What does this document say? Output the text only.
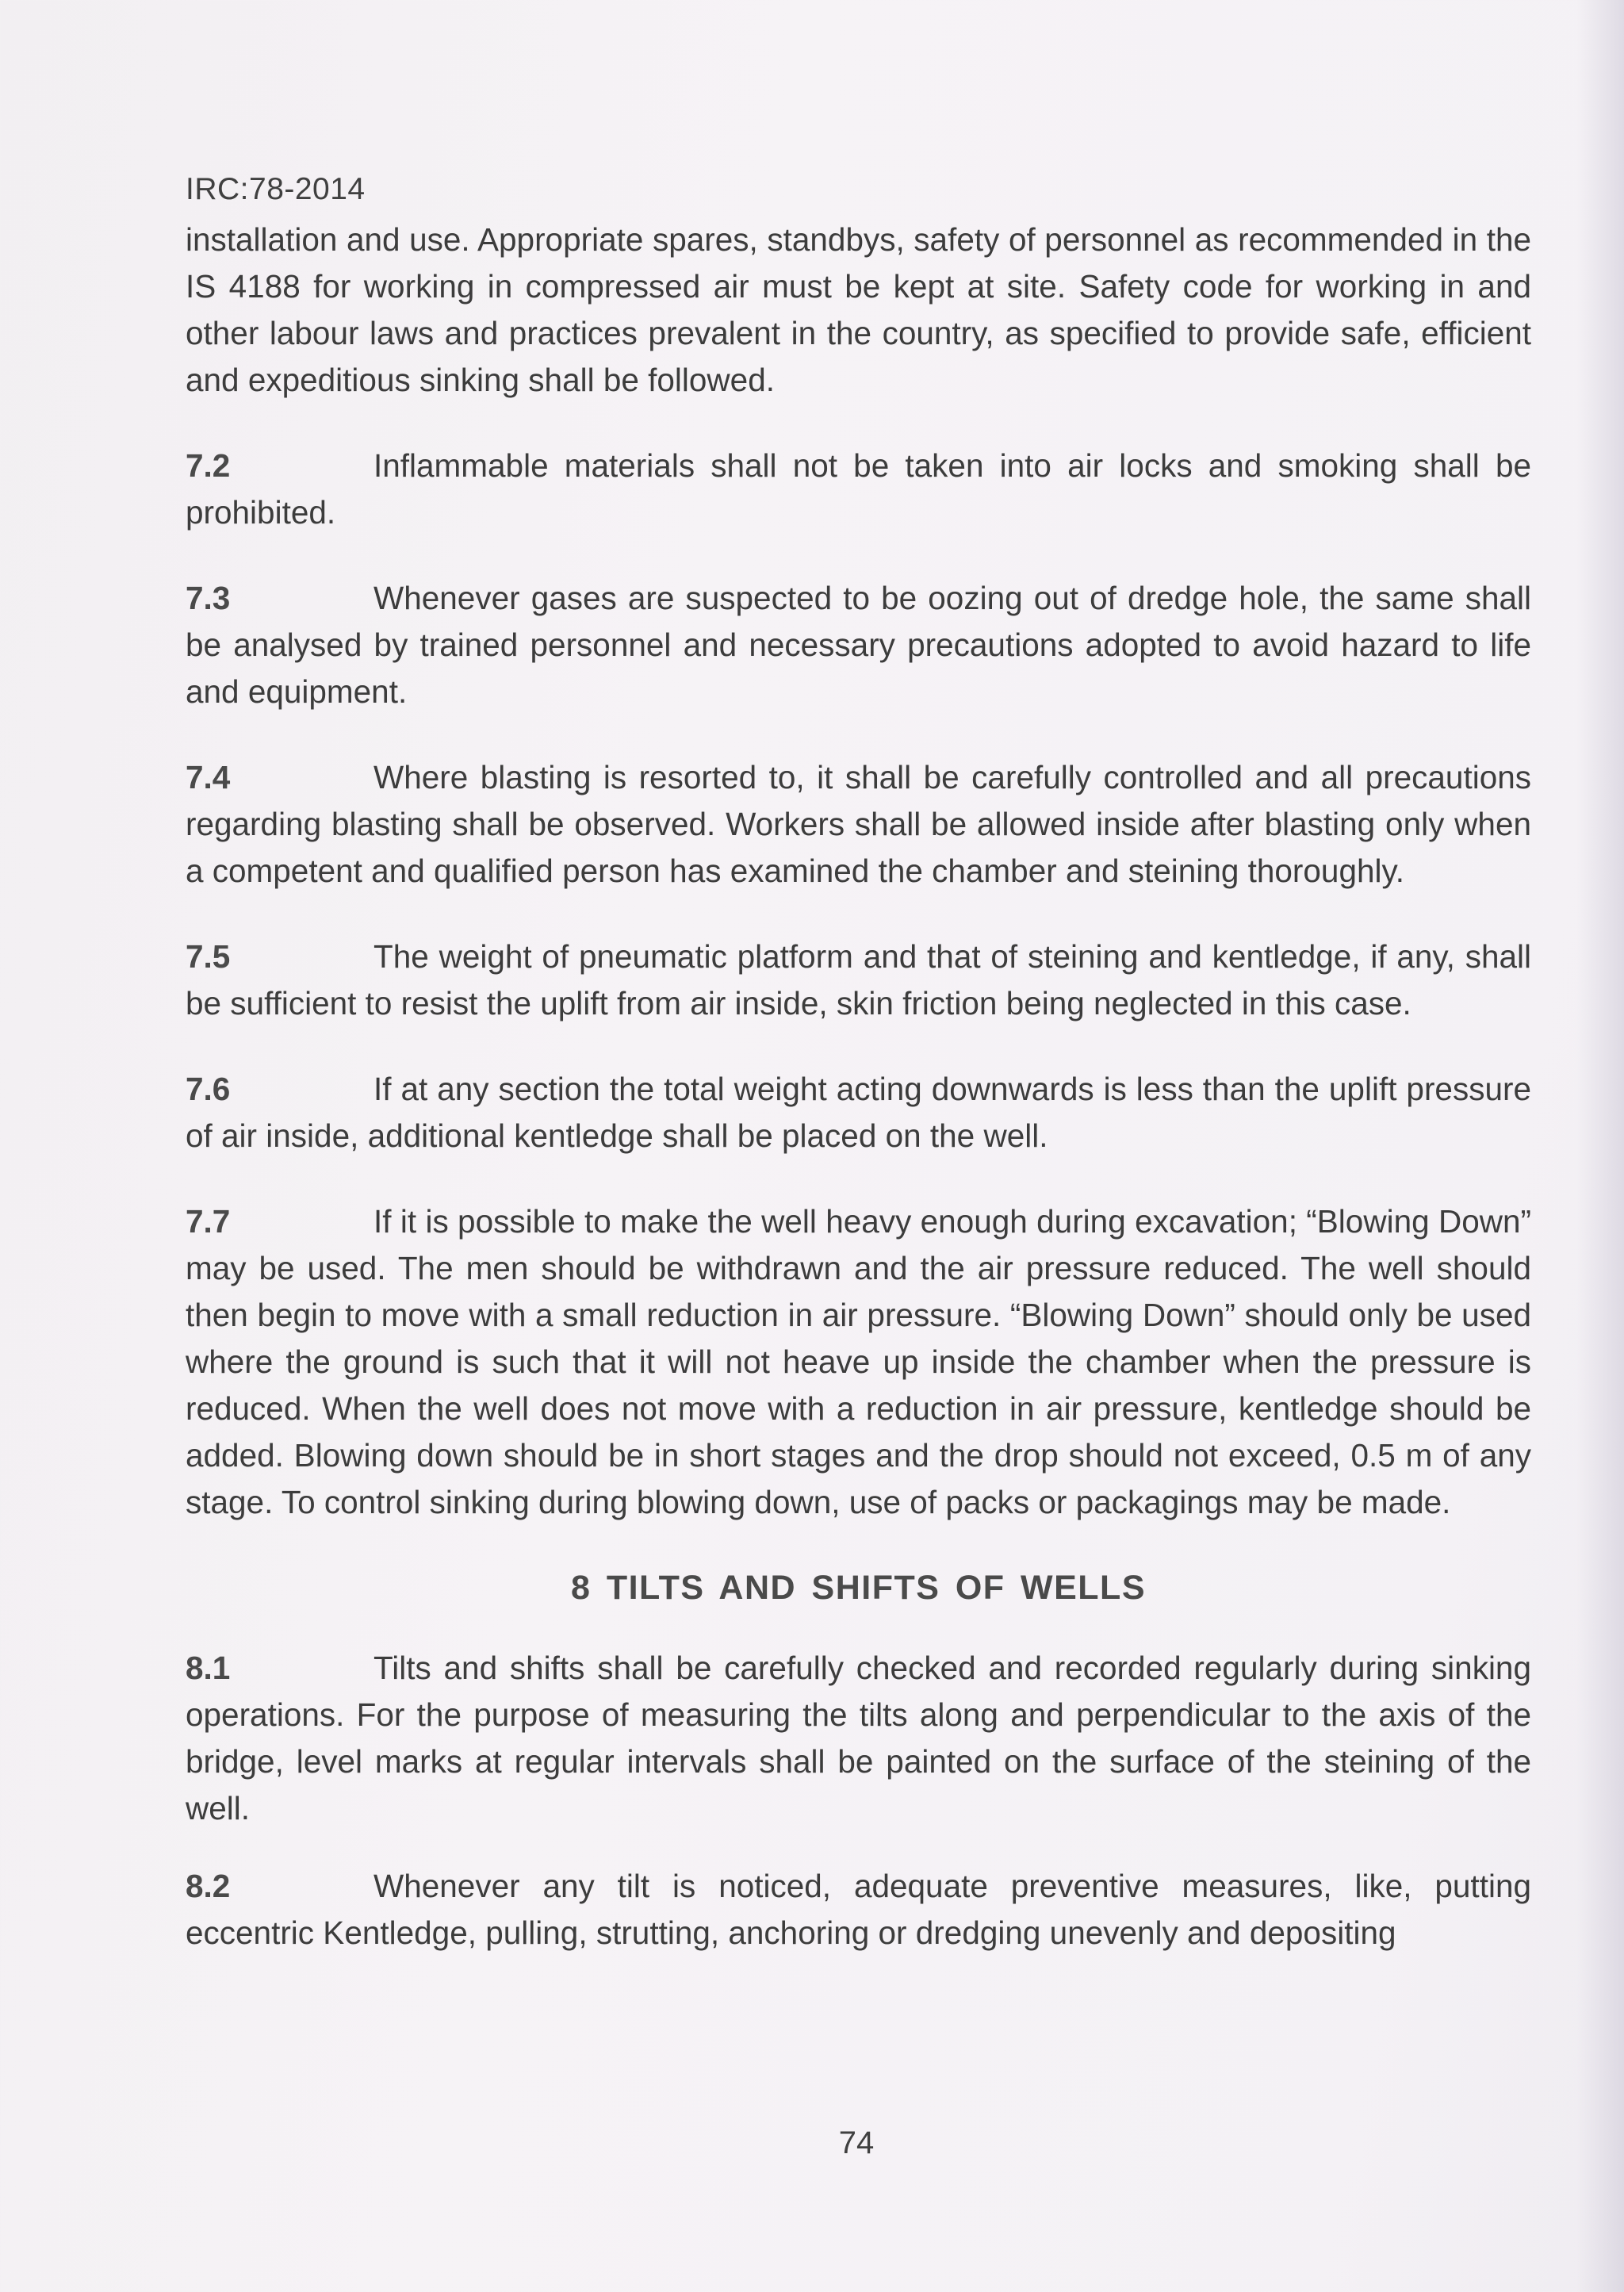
IRC:78-2014

installation and use. Appropriate spares, standbys, safety of personnel as recommended in the IS 4188 for working in compressed air must be kept at site. Safety code for working in and other labour laws and practices prevalent in the country, as specified to provide safe, efficient and expeditious sinking shall be followed.

7.2	Inflammable materials shall not be taken into air locks and smoking shall be prohibited.

7.3	Whenever gases are suspected to be oozing out of dredge hole, the same shall be analysed by trained personnel and necessary precautions adopted to avoid hazard to life and equipment.

7.4	Where blasting is resorted to, it shall be carefully controlled and all precautions regarding blasting shall be observed. Workers shall be allowed inside after blasting only when a competent and qualified person has examined the chamber and steining thoroughly.

7.5	The weight of pneumatic platform and that of steining and kentledge, if any, shall be sufficient to resist the uplift from air inside, skin friction being neglected in this case.

7.6	If at any section the total weight acting downwards is less than the uplift pressure of air inside, additional kentledge shall be placed on the well.

7.7	If it is possible to make the well heavy enough during excavation; “Blowing Down” may be used. The men should be withdrawn and the air pressure reduced. The well should then begin to move with a small reduction in air pressure. “Blowing Down” should only be used where the ground is such that it will not heave up inside the chamber when the pressure is reduced. When the well does not move with a reduction in air pressure, kentledge should be added. Blowing down should be in short stages and the drop should not exceed, 0.5 m of any stage. To control sinking during blowing down, use of packs or packagings may be made.

8 TILTS AND SHIFTS OF WELLS

8.1	Tilts and shifts shall be carefully checked and recorded regularly during sinking operations. For the purpose of measuring the tilts along and perpendicular to the axis of the bridge, level marks at regular intervals shall be painted on the surface of the steining of the well.

8.2	Whenever any tilt is noticed, adequate preventive measures, like, putting eccentric Kentledge, pulling, strutting, anchoring or dredging unevenly and depositing

74
